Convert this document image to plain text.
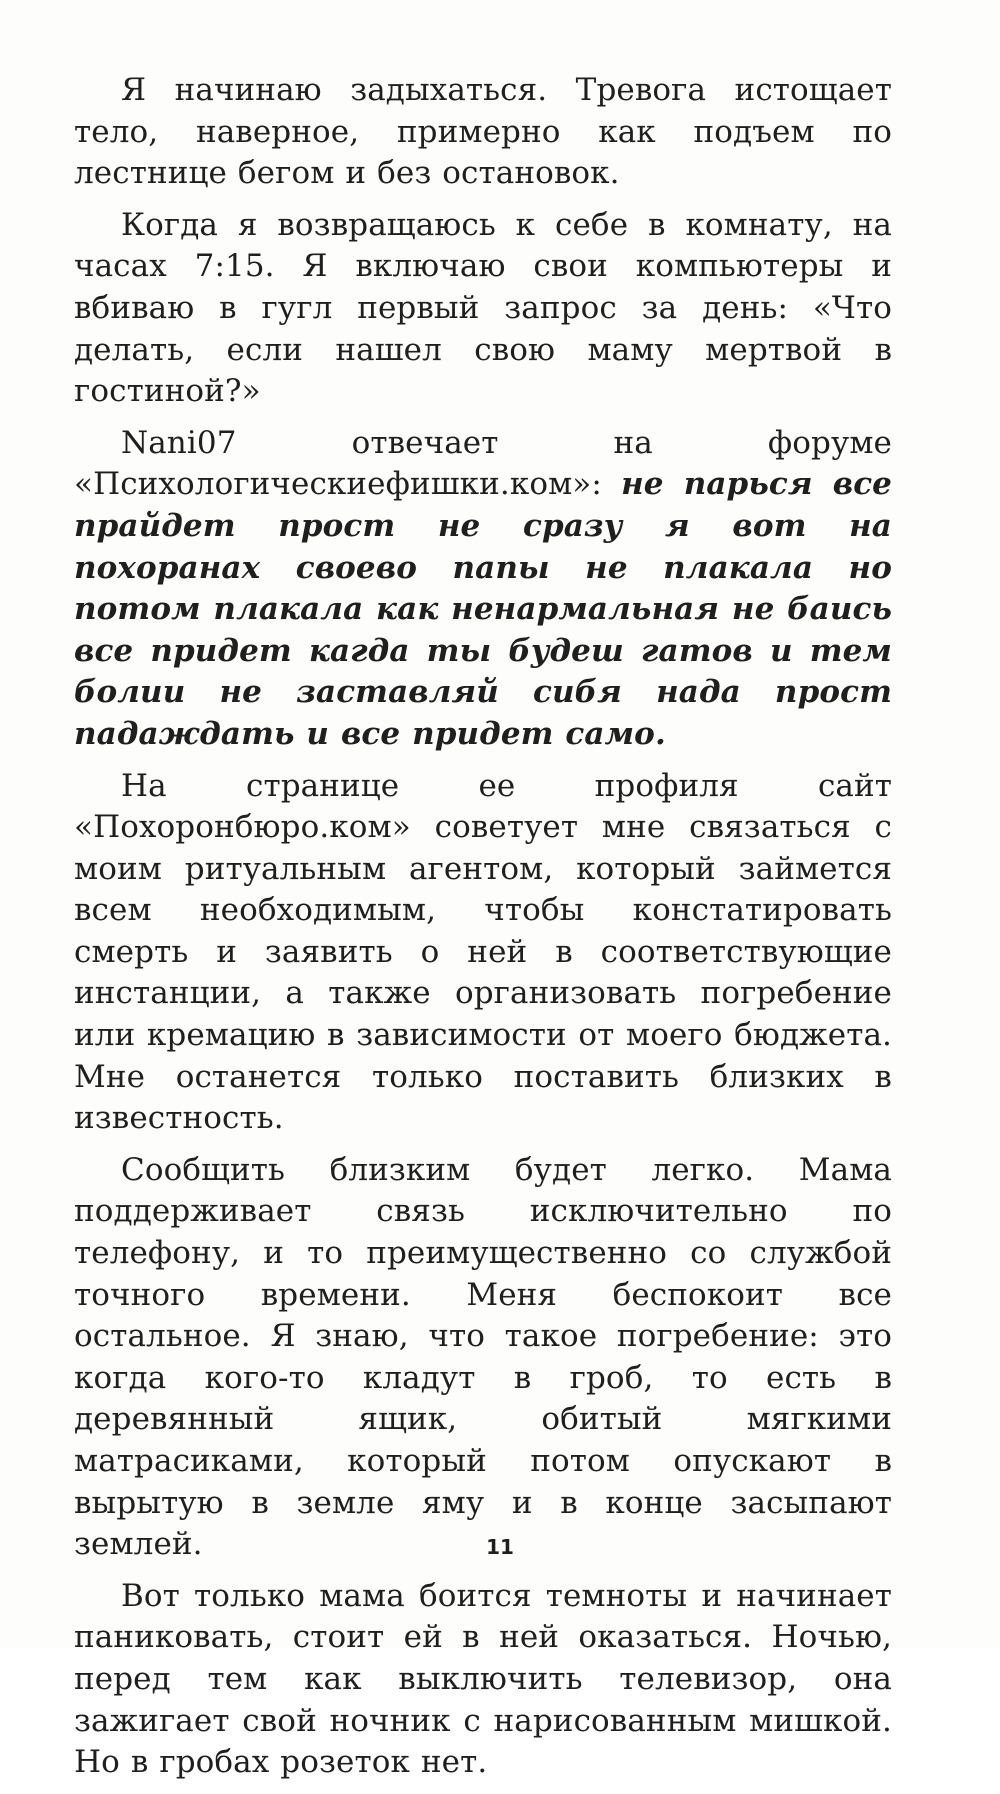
Я начинаю задыхаться. Тревога истощает тело, наверное, примерно как подъем по лестнице бегом и без остановок.

Когда я возвращаюсь к себе в комнату, на часах 7:15. Я включаю свои компьютеры и вбиваю в гугл первый запрос за день: «Что делать, если нашел свою маму мертвой в гостиной?»

Nani07 отвечает на форуме «Психологическиефишки.ком»: не парься все прайдет прост не сразу я вот на похоранах своево папы не плакала но потом плакала как ненармальная не баись все придет кагда ты будеш гатов и тем болии не заставляй сибя нада прост падаждать и все придет само.

На странице ее профиля сайт «Похоронбюро.ком» советует мне связаться с моим ритуальным агентом, который займется всем необходимым, чтобы констатировать смерть и заявить о ней в соответствующие инстанции, а также организовать погребение или кремацию в зависимости от моего бюджета. Мне останется только поставить близких в известность.

Сообщить близким будет легко. Мама поддерживает связь исключительно по телефону, и то преимущественно со службой точного времени. Меня беспокоит все остальное. Я знаю, что такое погребение: это когда кого-то кладут в гроб, то есть в деревянный ящик, обитый мягкими матрасиками, который потом опускают в вырытую в земле яму и в конце засыпают землей.

Вот только мама боится темноты и начинает паниковать, стоит ей в ней оказаться. Ночью, перед тем как выключить телевизор, она зажигает свой ночник с нарисованным мишкой. Но в гробах розеток нет.

11
